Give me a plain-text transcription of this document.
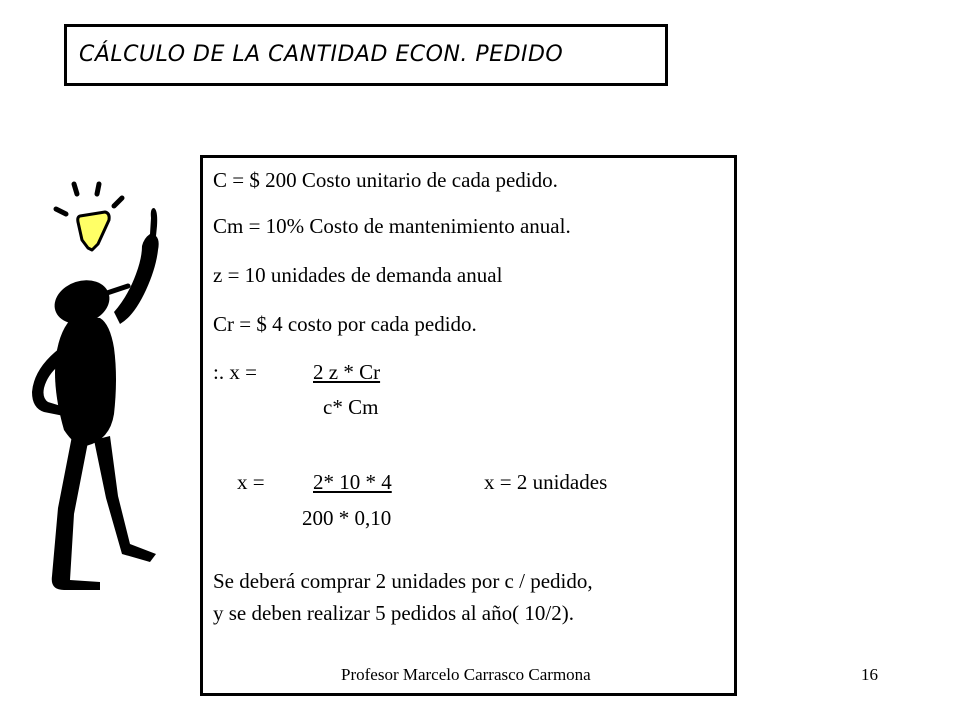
CÁLCULO DE LA CANTIDAD ECON. PEDIDO
C = $ 200 Costo unitario de cada pedido.
Cm = 10% Costo de mantenimiento anual.
z = 10 unidades de demanda anual
Cr = $ 4 costo por cada pedido.
:. x =	2 z * Cr
c* Cm
x = 2* 10 * 4	x = 2 unidades
200 * 0,10
Se deberá comprar 2 unidades por c / pedido,
y se deben realizar 5 pedidos al año( 10/2).
Profesor Marcelo Carrasco Carmona	16
